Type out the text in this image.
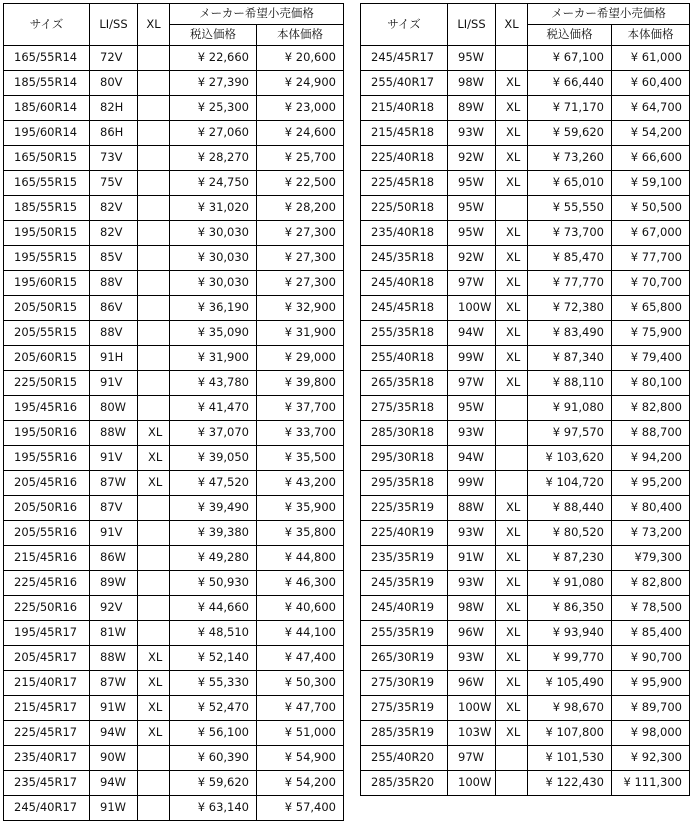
サイズ	LI/SS	XL	メーカー希望小売価格	
			税込価格	本体価格
165/55R14	72V		¥ 22,660	¥ 20,600
185/55R14	80V		¥ 27,390	¥ 24,900
185/60R14	82H		¥ 25,300	¥ 23,000
195/60R14	86H		¥ 27,060	¥ 24,600
165/50R15	73V		¥ 28,270	¥ 25,700
165/55R15	75V		¥ 24,750	¥ 22,500
185/55R15	82V		¥ 31,020	¥ 28,200
195/50R15	82V		¥ 30,030	¥ 27,300
195/55R15	85V		¥ 30,030	¥ 27,300
195/60R15	88V		¥ 30,030	¥ 27,300
205/50R15	86V		¥ 36,190	¥ 32,900
205/55R15	88V		¥ 35,090	¥ 31,900
205/60R15	91H		¥ 31,900	¥ 29,000
225/50R15	91V		¥ 43,780	¥ 39,800
195/45R16	80W		¥ 41,470	¥ 37,700
195/50R16	88W	XL	¥ 37,070	¥ 33,700
195/55R16	91V	XL	¥ 39,050	¥ 35,500
205/45R16	87W	XL	¥ 47,520	¥ 43,200
205/50R16	87V		¥ 39,490	¥ 35,900
205/55R16	91V		¥ 39,380	¥ 35,800
215/45R16	86W		¥ 49,280	¥ 44,800
225/45R16	89W		¥ 50,930	¥ 46,300
225/50R16	92V		¥ 44,660	¥ 40,600
195/45R17	81W		¥ 48,510	¥ 44,100
205/45R17	88W	XL	¥ 52,140	¥ 47,400
215/40R17	87W	XL	¥ 55,330	¥ 50,300
215/45R17	91W	XL	¥ 52,470	¥ 47,700
225/45R17	94W	XL	¥ 56,100	¥ 51,000
235/40R17	90W		¥ 60,390	¥ 54,900
235/45R17	94W		¥ 59,620	¥ 54,200
245/40R17	91W		¥ 63,140	¥ 57,400
サイズ	LI/SS	XL	メーカー希望小売価格	
			税込価格	本体価格
245/45R17	95W		¥ 67,100	¥ 61,000
255/40R17	98W	XL	¥ 66,440	¥ 60,400
215/40R18	89W	XL	¥ 71,170	¥ 64,700
215/45R18	93W	XL	¥ 59,620	¥ 54,200
225/40R18	92W	XL	¥ 73,260	¥ 66,600
225/45R18	95W	XL	¥ 65,010	¥ 59,100
225/50R18	95W		¥ 55,550	¥ 50,500
235/40R18	95W	XL	¥ 73,700	¥ 67,000
245/35R18	92W	XL	¥ 85,470	¥ 77,700
245/40R18	97W	XL	¥ 77,770	¥ 70,700
245/45R18	100W	XL	¥ 72,380	¥ 65,800
255/35R18	94W	XL	¥ 83,490	¥ 75,900
255/40R18	99W	XL	¥ 87,340	¥ 79,400
265/35R18	97W	XL	¥ 88,110	¥ 80,100
275/35R18	95W		¥ 91,080	¥ 82,800
285/30R18	93W		¥ 97,570	¥ 88,700
295/30R18	94W		¥ 103,620	¥ 94,200
295/35R18	99W		¥ 104,720	¥ 95,200
225/35R19	88W	XL	¥ 88,440	¥ 80,400
225/40R19	93W	XL	¥ 80,520	¥ 73,200
235/35R19	91W	XL	¥ 87,230	¥79,300
245/35R19	93W	XL	¥ 91,080	¥ 82,800
245/40R19	98W	XL	¥ 86,350	¥ 78,500
255/35R19	96W	XL	¥ 93,940	¥ 85,400
265/30R19	93W	XL	¥ 99,770	¥ 90,700
275/30R19	96W	XL	¥ 105,490	¥ 95,900
275/35R19	100W	XL	¥ 98,670	¥ 89,700
285/35R19	103W	XL	¥ 107,800	¥ 98,000
255/40R20	97W		¥ 101,530	¥ 92,300
285/35R20	100W		¥ 122,430	¥ 111,300
